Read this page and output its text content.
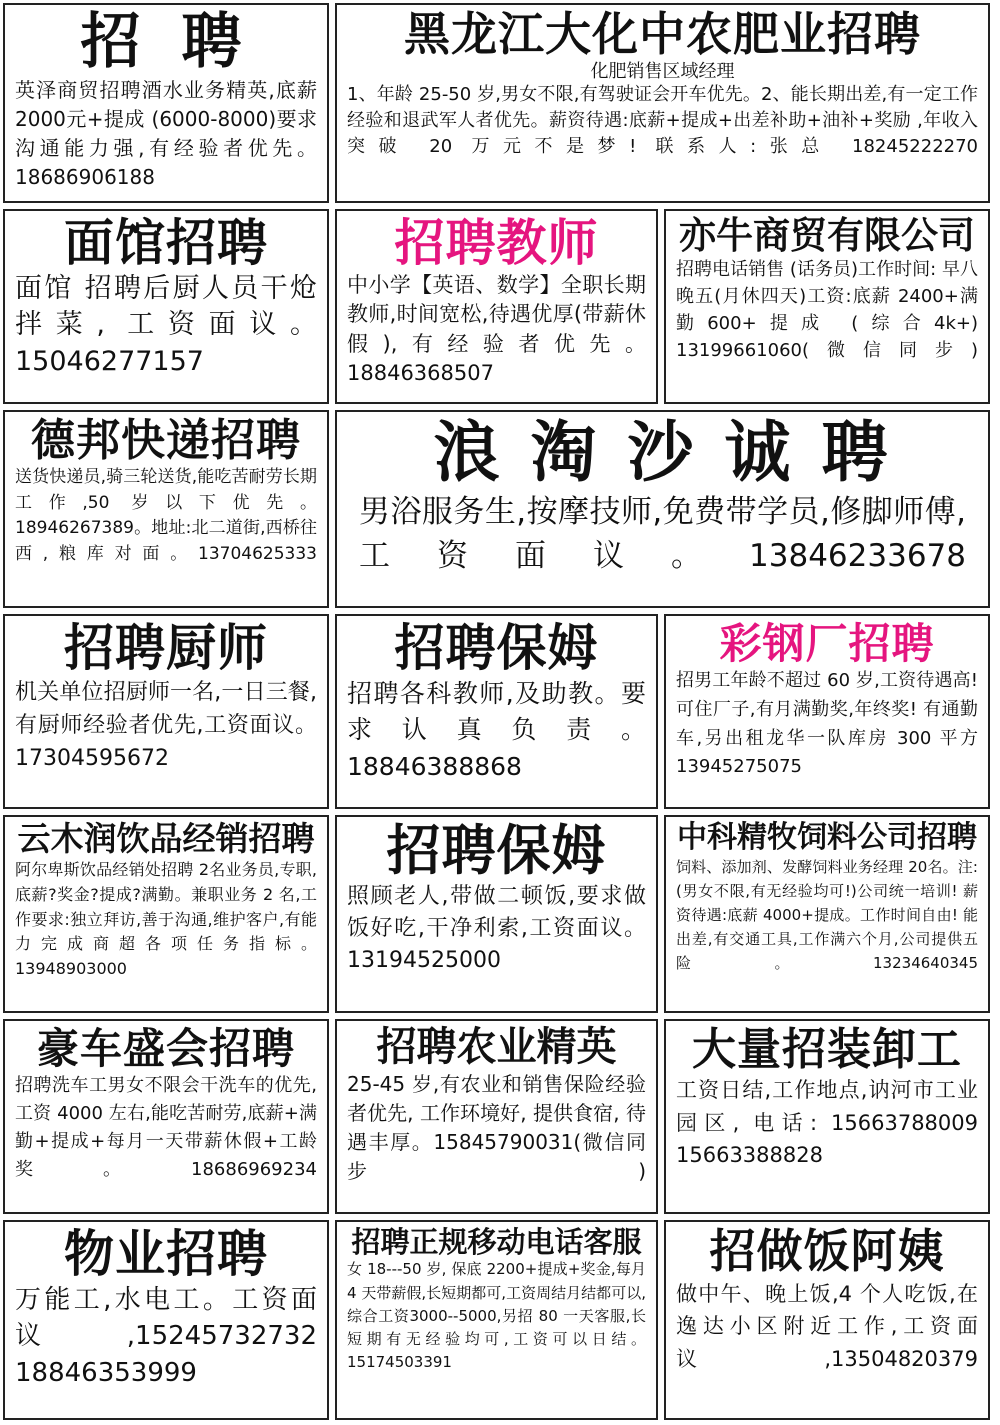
招 聘
英泽商贸招聘酒水业务精英,底薪 2000元+提成 (6000-8000)要求沟通能力强,有经验者优先。18686906188
黑龙江大化中农肥业招聘
化肥销售区域经理
1、年龄 25-50 岁,男女不限,有驾驶证会开车优先。2、能长期出差,有一定工作经验和退武军人者优先。薪资待遇:底薪+提成+出差补助+油补+奖励 ,年收入突破 20 万元不是梦! 联系人:张总 18245222270
面馆招聘
面馆 招聘后厨人员干炝拌菜, 工资面议。15046277157
招聘教师
中小学【英语、数学】全职长期教师,时间宽松,待遇优厚(带薪休假),有经验者优先。18846368507
亦牛商贸有限公司
招聘电话销售 (话务员)工作时间: 早八晚五(月休四天)工资:底薪 2400+满勤600+提成 (综合4k+) 13199661060(微信同步)
德邦快递招聘
送货快递员,骑三轮送货,能吃苦耐劳长期工作,50 岁以下优先。18946267389。地址:北二道街,西桥往西,粮库对面。13704625333
浪 淘 沙 诚 聘
男浴服务生,按摩技师,免费带学员,修脚师傅,工资面议。13846233678
招聘厨师
机关单位招厨师一名,一日三餐, 有厨师经验者优先,工资面议。17304595672
招聘保姆
招聘各科教师,及助教。要求认真负责。 18846388868
彩钢厂招聘
招男工年龄不超过 60 岁,工资待遇高! 可住厂子,有月满勤奖,年终奖! 有通勤车,另出租龙华一队库房 300 平方 13945275075
云木润饮品经销招聘
阿尔卑斯饮品经销处招聘 2名业务员,专职,底薪?奖金?提成?满勤。兼职业务 2 名,工作要求:独立拜访,善于沟通,维护客户,有能力完成商超各项任务指标。 13948903000
招聘保姆
照顾老人,带做二顿饭,要求做饭好吃,干净利索,工资面议。13194525000
中科精牧饲料公司招聘
饲料、添加剂、发酵饲料业务经理 20名。注:(男女不限,有无经验均可!)公司统一培训! 薪资待遇:底薪 4000+提成。工作时间自由! 能出差,有交通工具,工作满六个月,公司提供五险。13234640345
豪车盛会招聘
招聘洗车工男女不限会干洗车的优先,工资 4000 左右,能吃苦耐劳,底薪+满勤+提成+每月一天带薪休假+工龄奖。18686969234
招聘农业精英
25-45 岁,有农业和销售保险经验者优先, 工作环境好, 提供食宿, 待遇丰厚。15845790031(微信同步)
大量招装卸工
工资日结,工作地点,讷河市工业园区, 电话: 15663788009 15663388828
物业招聘
万能工,水电工。工资面议,15245732732 18846353999
招聘正规移动电话客服
女 18---50 岁, 保底 2200+提成+奖金,每月 4 天带薪假,长短期都可,工资周结月结都可以, 综合工资3000--5000,另招 80 一天客服,长短期有无经验均可,工资可以日结。15174503391
招做饭阿姨
做中午、晚上饭,4 个人吃饭,在逸达小区附近工作,工资面议,13504820379
